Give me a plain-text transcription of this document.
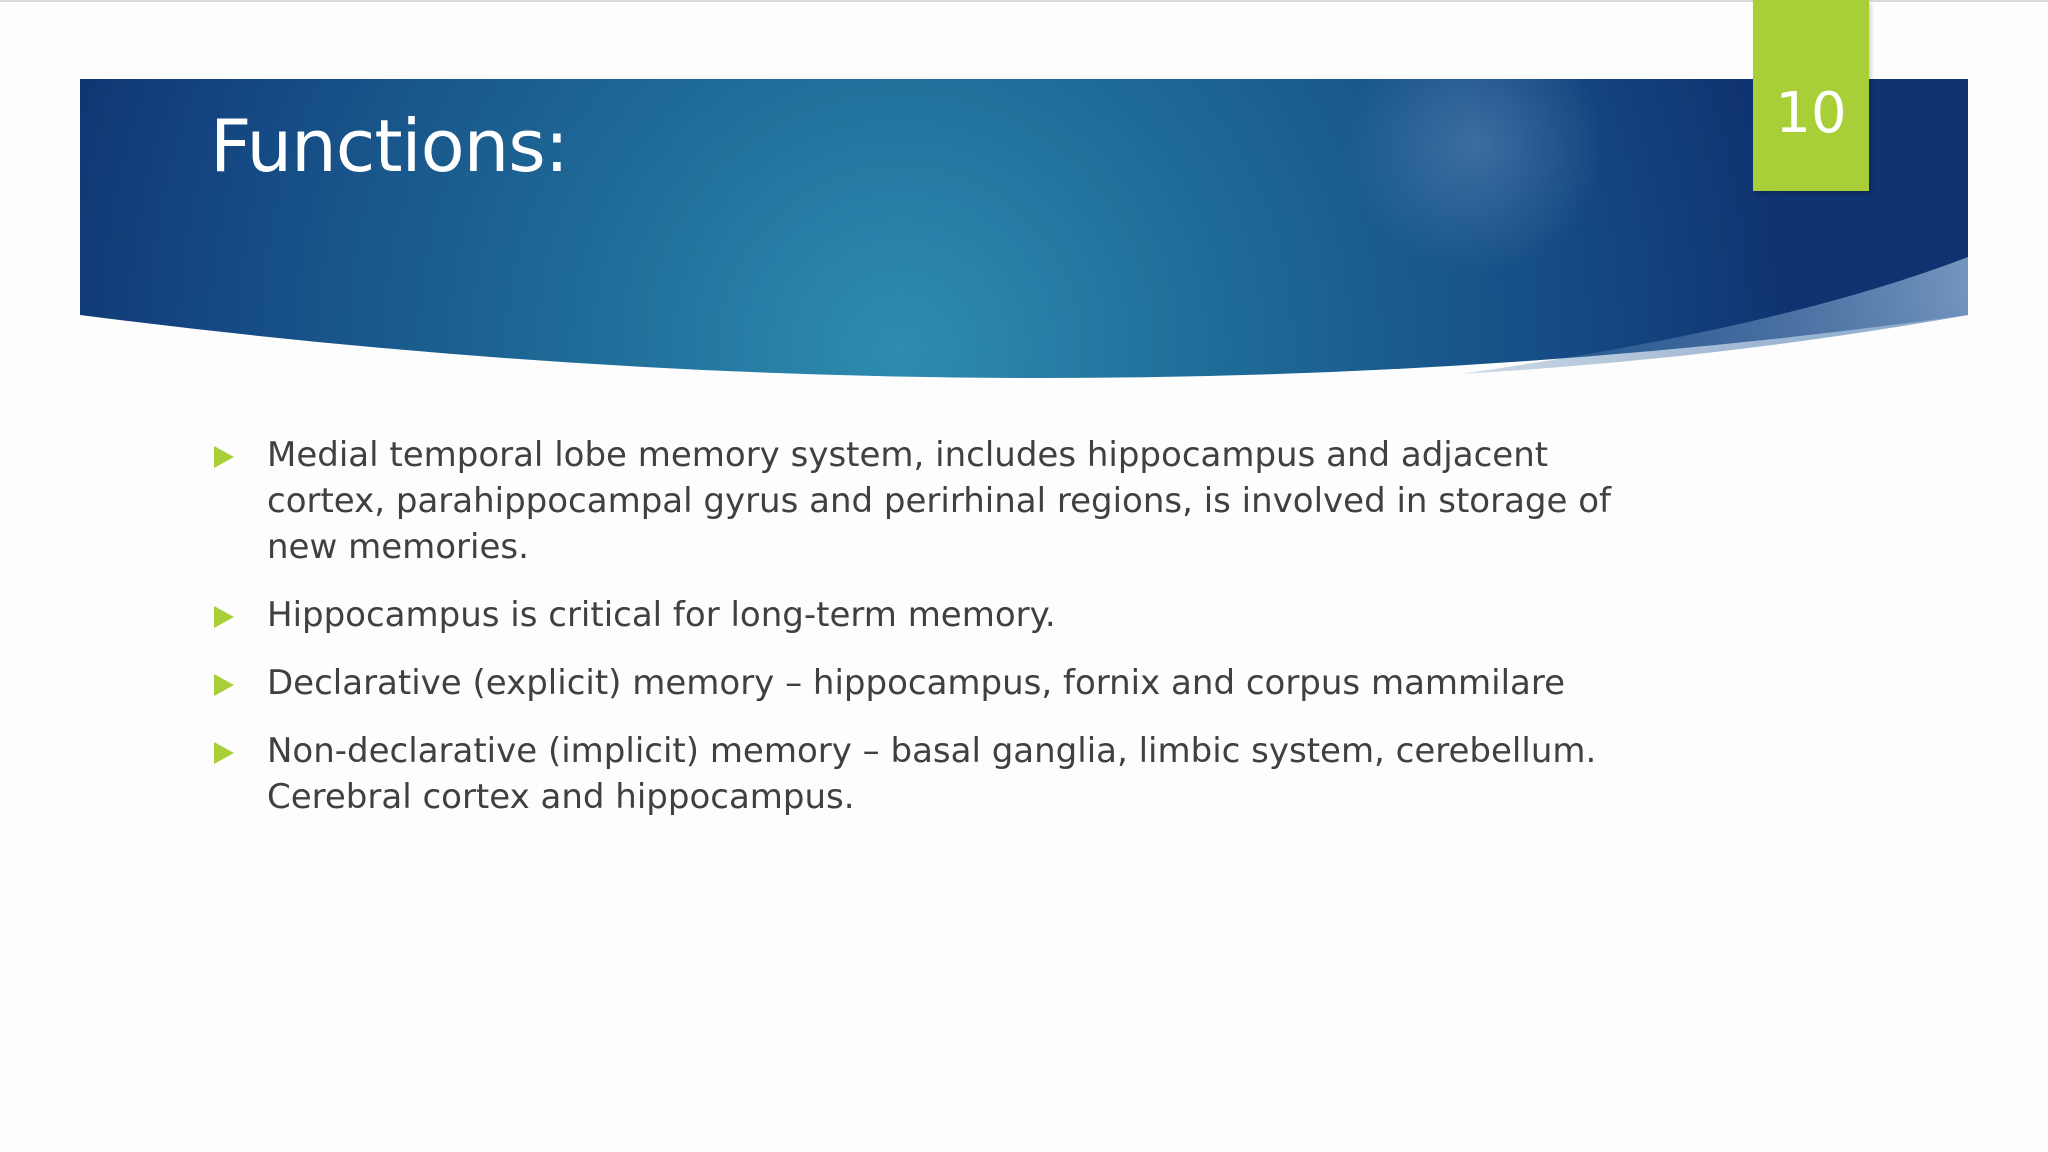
Functions:	10
Medial temporal lobe memory system, includes hippocampus and adjacent cortex, parahippocampal gyrus and perirhinal regions, is involved in storage of new memories.
Hippocampus is critical for long-term memory.
Declarative (explicit) memory – hippocampus, fornix and corpus mammilare
Non-declarative (implicit) memory – basal ganglia, limbic system, cerebellum. Cerebral cortex and hippocampus.
